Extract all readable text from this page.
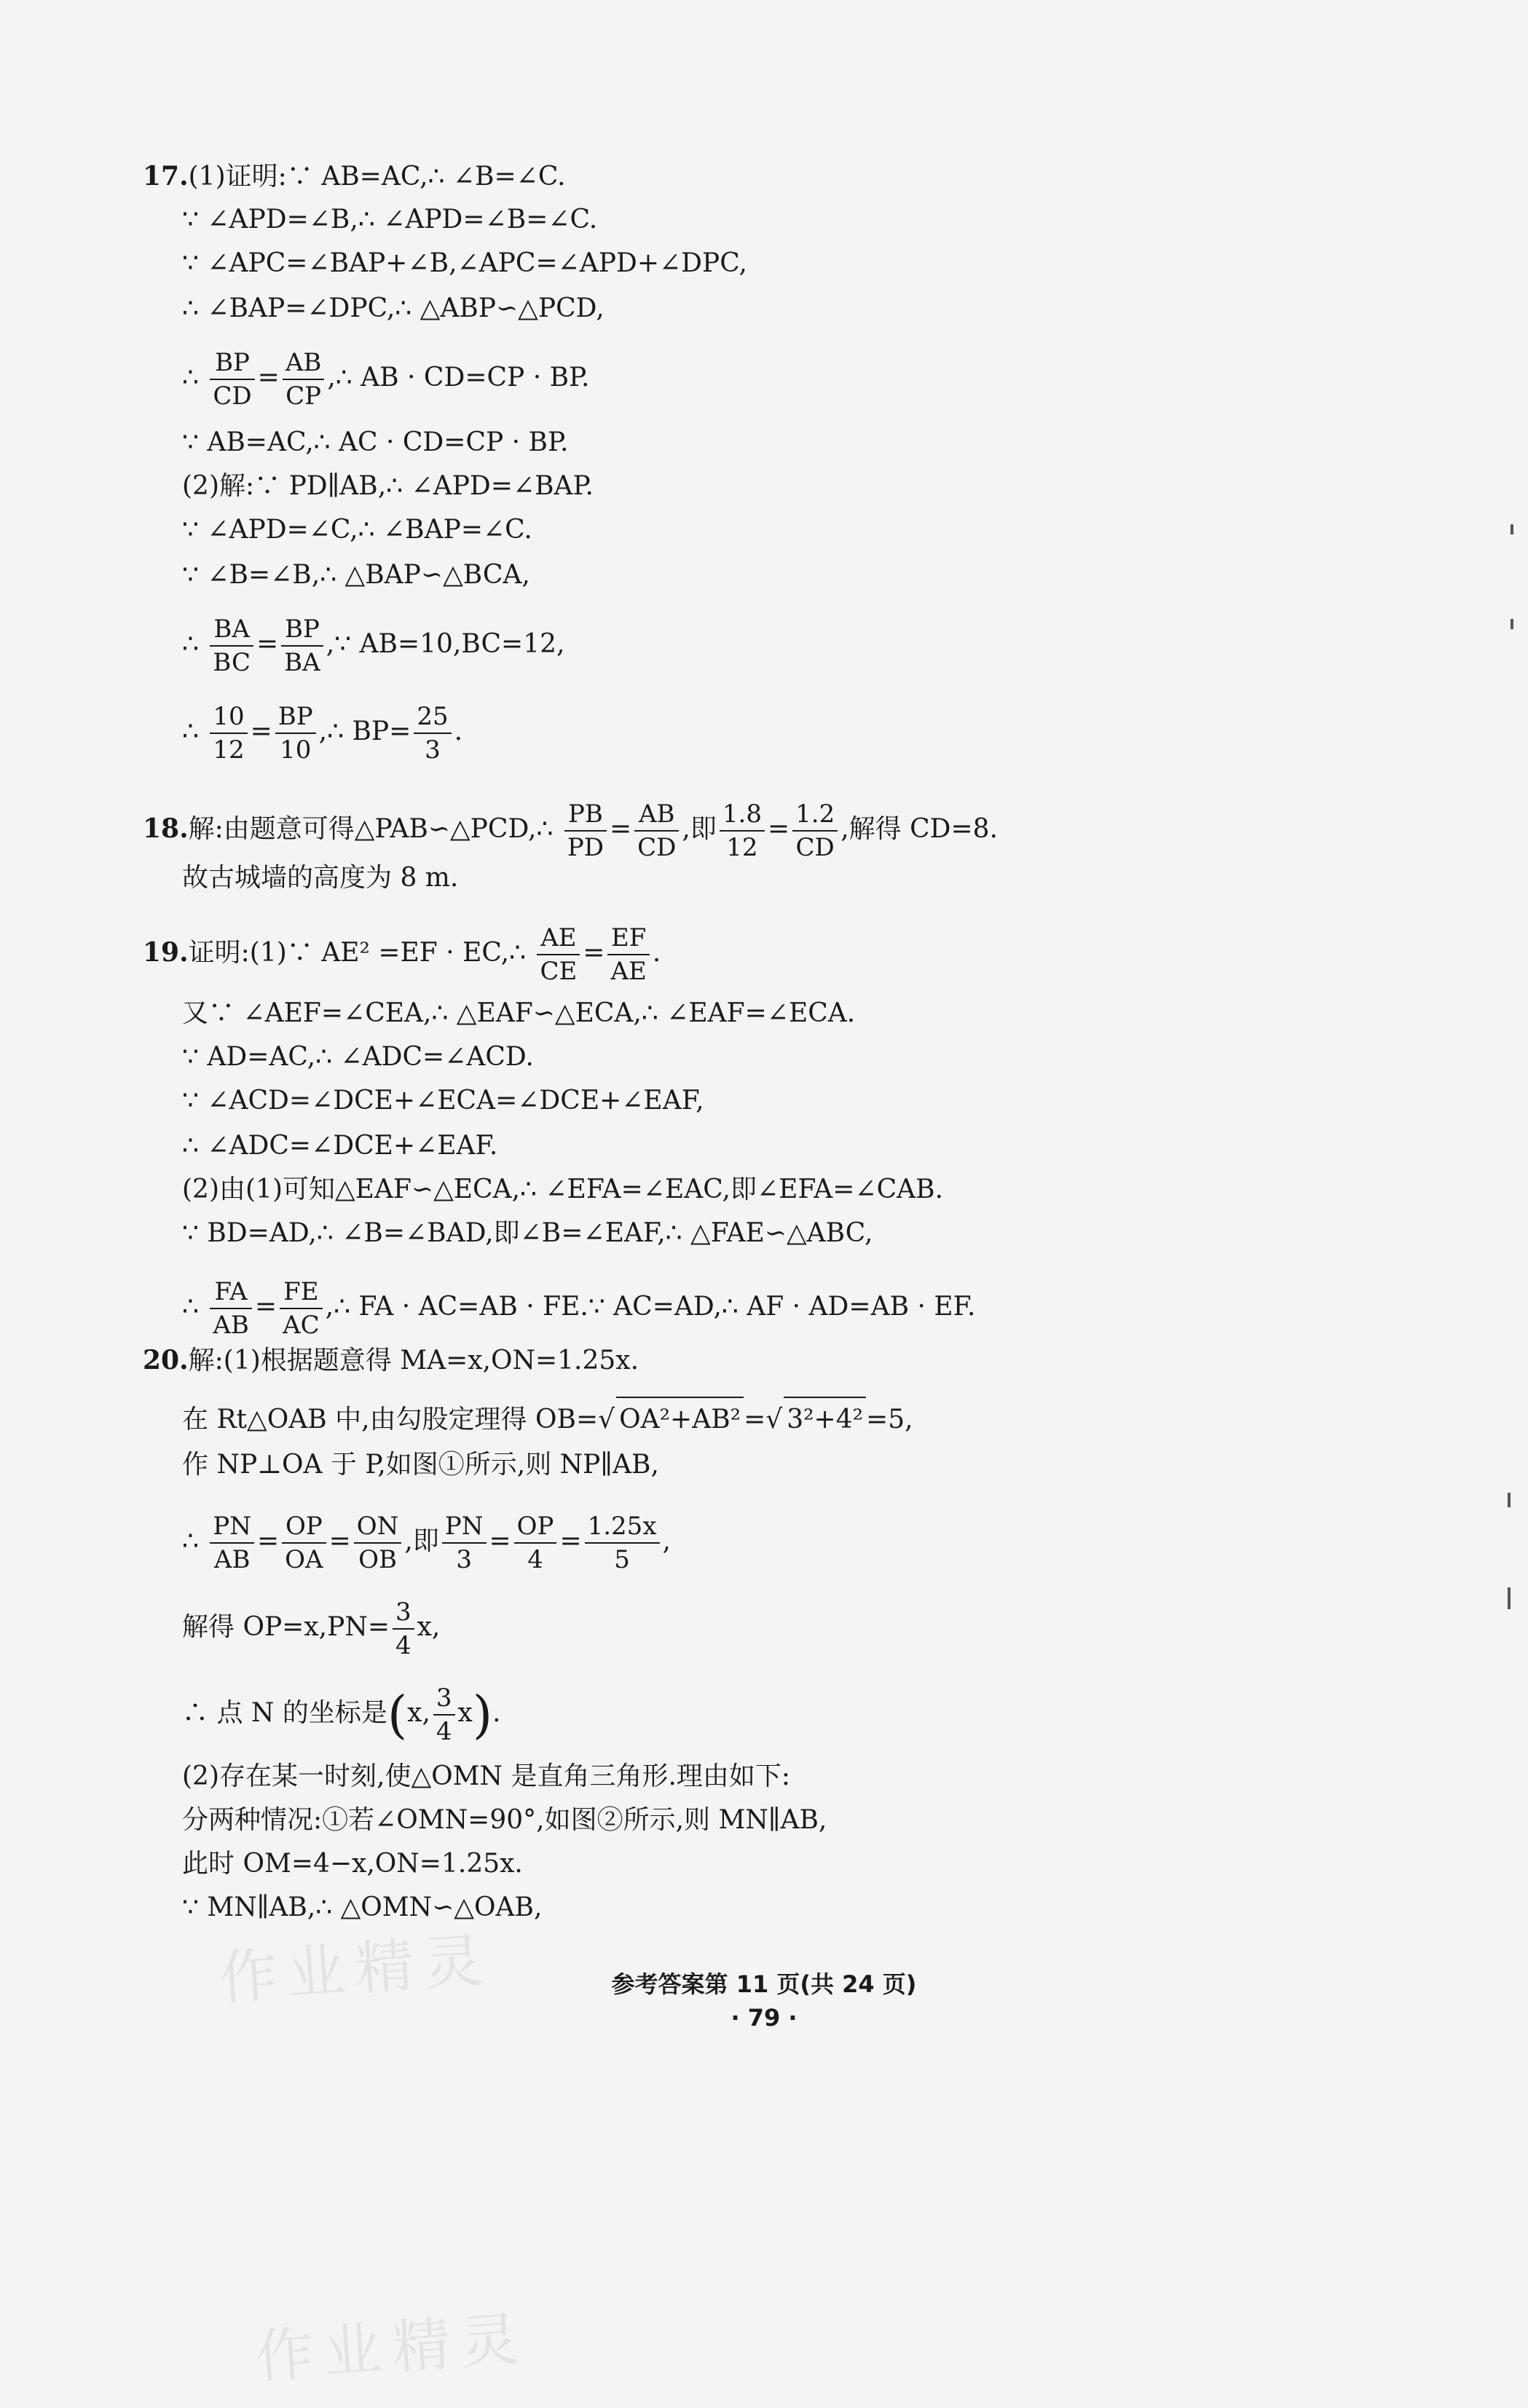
17.(1)证明:∵ AB=AC,∴ ∠B=∠C.
∵ ∠APD=∠B,∴ ∠APD=∠B=∠C.
∵ ∠APC=∠BAP+∠B,∠APC=∠APD+∠DPC,
∴ ∠BAP=∠DPC,∴ △ABP∽△PCD,
∴ $\frac{BP}{CD} = \frac{AB}{CP}$ ,∴ AB · CD=CP · BP.
∵ AB=AC,∴ AC · CD=CP · BP.
(2)解:∵ PD∥AB,∴ ∠APD=∠BAP.
∵ ∠APD=∠C,∴ ∠BAP=∠C.
∵ ∠B=∠B,∴ △BAP∽△BCA,
∴ $\frac{BA}{BC} = \frac{BP}{BA}$ ,∵ AB=10,BC=12,
∴ $\frac{10}{12} = \frac{BP}{10}$ ,∴ $BP= \frac{25}{3}$ .
18.解:由题意可得△PAB∽△PCD,∴ $\frac{PB}{PD} = \frac{AB}{CD}$ ,即 $\frac{1.8}{12} = \frac{1.2}{CD}$ ,解得 CD=8.
故古城墙的高度为 8 m.
19.证明:(1)∵ AE² =EF · EC,∴ $\frac{AE}{CE} = \frac{EF}{AE}$ .
又∵ ∠AEF=∠CEA,∴ △EAF∽△ECA,∴ ∠EAF=∠ECA.
∵ AD=AC,∴ ∠ADC=∠ACD.
∵ ∠ACD=∠DCE+∠ECA=∠DCE+∠EAF,
∴ ∠ADC=∠DCE+∠EAF.
(2)由(1)可知△EAF∽△ECA,∴ ∠EFA=∠EAC,即∠EFA=∠CAB.
∵ BD=AD,∴ ∠B=∠BAD,即∠B=∠EAF,∴ △FAE∽△ABC,
∴ $\frac{FA}{AB} = \frac{FE}{AC}$ ,∴ FA · AC=AB · FE.∵ AC=AD,∴ AF · AD=AB · EF.
20.解:(1)根据题意得 MA=x,ON=1.25x.
在 Rt△OAB 中,由勾股定理得 OB=√ OA²+AB² =√ 3²+4² =5,
作 NP⊥OA 于 P,如图①所示,则 NP∥AB,
∴ $\frac{PN}{AB} = \frac{OP}{OA} = \frac{ON}{OB}$ ,即 $\frac{PN}{3} = \frac{OP}{4} = \frac{1.25x}{5}$ ,
解得 $OP=x,PN= \frac{3}{4} x$,
∴ 点 N 的坐标是(x, $\frac{3}{4} x$).
(2)存在某一时刻,使△OMN 是直角三角形.理由如下:
分两种情况:①若∠OMN=90°,如图②所示,则 MN∥AB,
此时 OM=4−x,ON=1.25x.
∵ MN∥AB,∴ △OMN∽△OAB,
作业精灵
作业精灵
参考答案第 11 页(共 24 页)
· 79 ·
